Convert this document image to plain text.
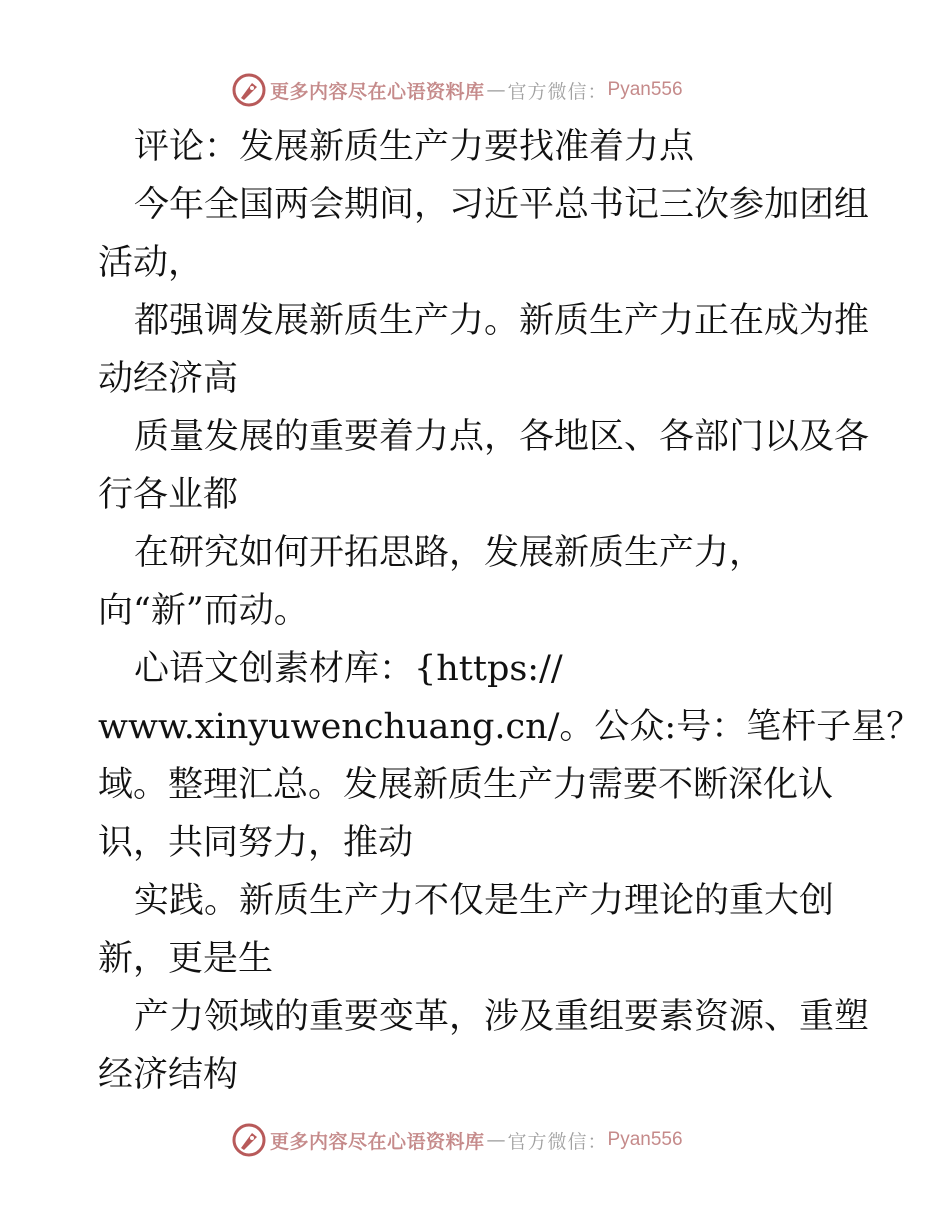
更多内容尽在心语资料库 — 官方微信： Pyan556
评论：发展新质生产力要找准着力点
今年全国两会期间，习近平总书记三次参加团组
活动，
都强调发展新质生产力。新质生产力正在成为推
动经济高
质量发展的重要着力点，各地区、各部门以及各
行各业都
在研究如何开拓思路，发展新质生产力，
向“新”而动。
心语文创素材库：{https://
www.xinyuwenchuang.cn/。公众:号：笔杆子星？
域。整理汇总。发展新质生产力需要不断深化认
识，共同努力，推动
实践。新质生产力不仅是生产力理论的重大创
新，更是生
产力领域的重要变革，涉及重组要素资源、重塑
经济结构
更多内容尽在心语资料库 — 官方微信： Pyan556
